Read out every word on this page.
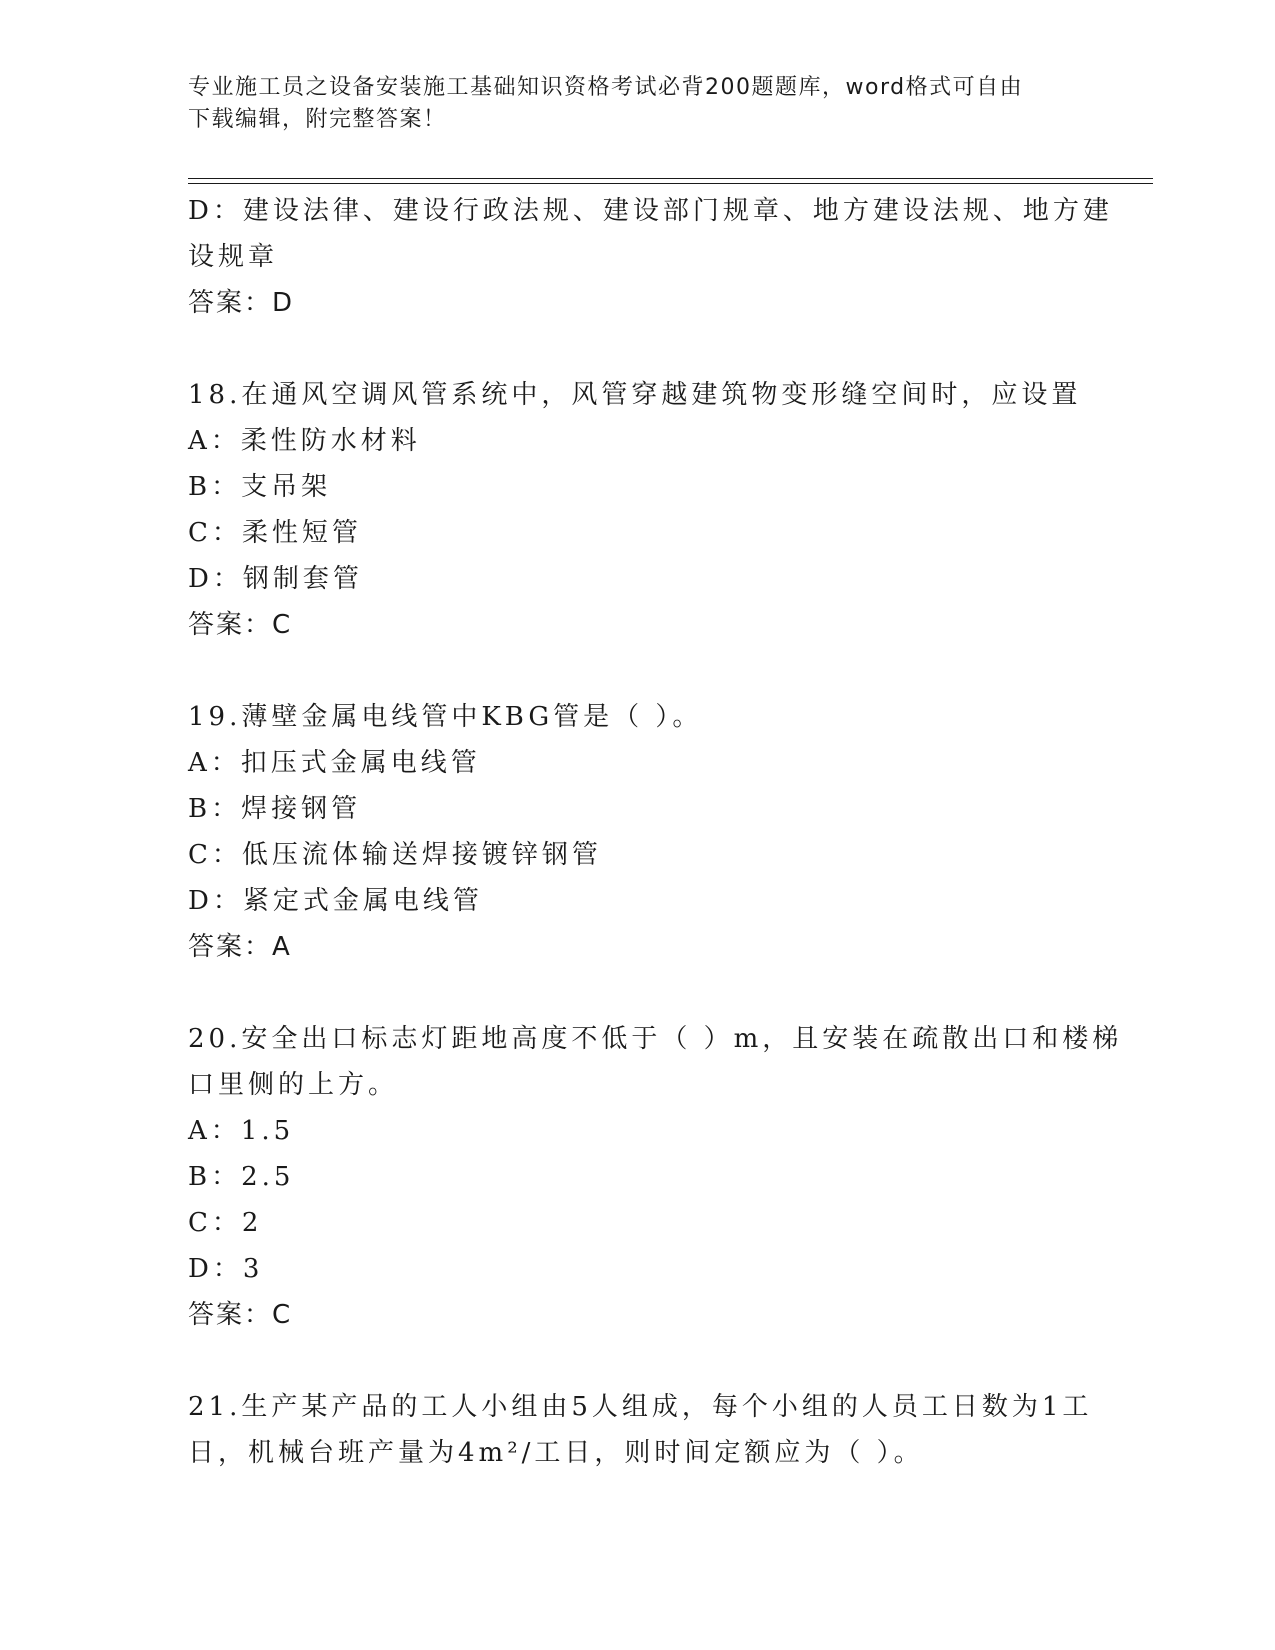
专业施工员之设备安装施工基础知识资格考试必背200题题库，word格式可自由
下载编辑，附完整答案！
D：建设法律、建设行政法规、建设部门规章、地方建设法规、地方建
设规章
答案：D
18.在通风空调风管系统中，风管穿越建筑物变形缝空间时，应设置
A：柔性防水材料
B：支吊架
C：柔性短管
D：钢制套管
答案：C
19.薄壁金属电线管中KBG管是（ ）。
A：扣压式金属电线管
B：焊接钢管
C：低压流体输送焊接镀锌钢管
D：紧定式金属电线管
答案：A
20.安全出口标志灯距地高度不低于（ ）m，且安装在疏散出口和楼梯
口里侧的上方。
A：1.5
B：2.5
C：2
D：3
答案：C
21.生产某产品的工人小组由5人组成，每个小组的人员工日数为1工
日，机械台班产量为4m²/工日，则时间定额应为（ ）。
